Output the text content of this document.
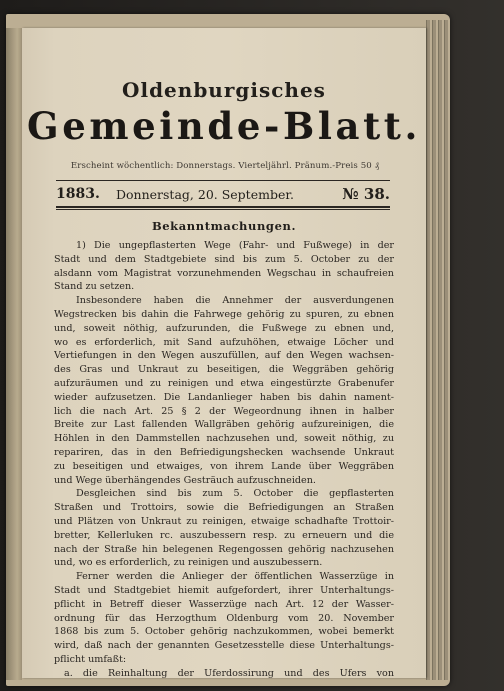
Oldenburgisches
Gemeinde-Blatt.
Erscheint wöchentlich: Donnerstags. Vierteljährl. Pränum.-Preis 50 ₰
1883. Donnerstag, 20. September.	№ 38.
Bekanntmachungen.
1) Die ungepflasterten Wege (Fahr- und Fußwege) in der
Stadt und dem Stadtgebiete sind bis zum 5. October zu der
alsdann vom Magistrat vorzunehmenden Wegschau in schaufreien
Stand zu setzen.
Insbesondere haben die Annehmer der ausverdungenen
Wegstrecken bis dahin die Fahrwege gehörig zu spuren, zu ebnen
und, soweit nöthig, aufzurunden, die Fußwege zu ebnen und,
wo es erforderlich, mit Sand aufzuhöhen, etwaige Löcher und
Vertiefungen in den Wegen auszufüllen, auf den Wegen wachsen-
des Gras und Unkraut zu beseitigen, die Weggräben gehörig
aufzuräumen und zu reinigen und etwa eingestürzte Grabenufer
wieder aufzusetzen. Die Landanlieger haben bis dahin nament-
lich die nach Art. 25 § 2 der Wegeordnung ihnen in halber
Breite zur Last fallenden Wallgräben gehörig aufzureinigen, die
Höhlen in den Dammstellen nachzusehen und, soweit nöthig, zu
repariren, das in den Befriedigungshecken wachsende Unkraut
zu beseitigen und etwaiges, von ihrem Lande über Weggräben
und Wege überhängendes Gesträuch aufzuschneiden.
Desgleichen sind bis zum 5. October die gepflasterten
Straßen und Trottoirs, sowie die Befriedigungen an Straßen
und Plätzen von Unkraut zu reinigen, etwaige schadhafte Trottoir-
bretter, Kellerluken rc. auszubessern resp. zu erneuern und die
nach der Straße hin belegenen Regengossen gehörig nachzusehen
und, wo es erforderlich, zu reinigen und auszubessern.
Ferner werden die Anlieger der öffentlichen Wasserzüge in
Stadt und Stadtgebiet hiemit aufgefordert, ihrer Unterhaltungs-
pflicht in Betreff dieser Wasserzüge nach Art. 12 der Wasser-
ordnung für das Herzogthum Oldenburg vom 20. November
1868 bis zum 5. October gehörig nachzukommen, wobei bemerkt
wird, daß nach der genannten Gesetzesstelle diese Unterhaltungs-
pflicht umfaßt:
a. die Reinhaltung der Uferdossirung und des Ufers von
